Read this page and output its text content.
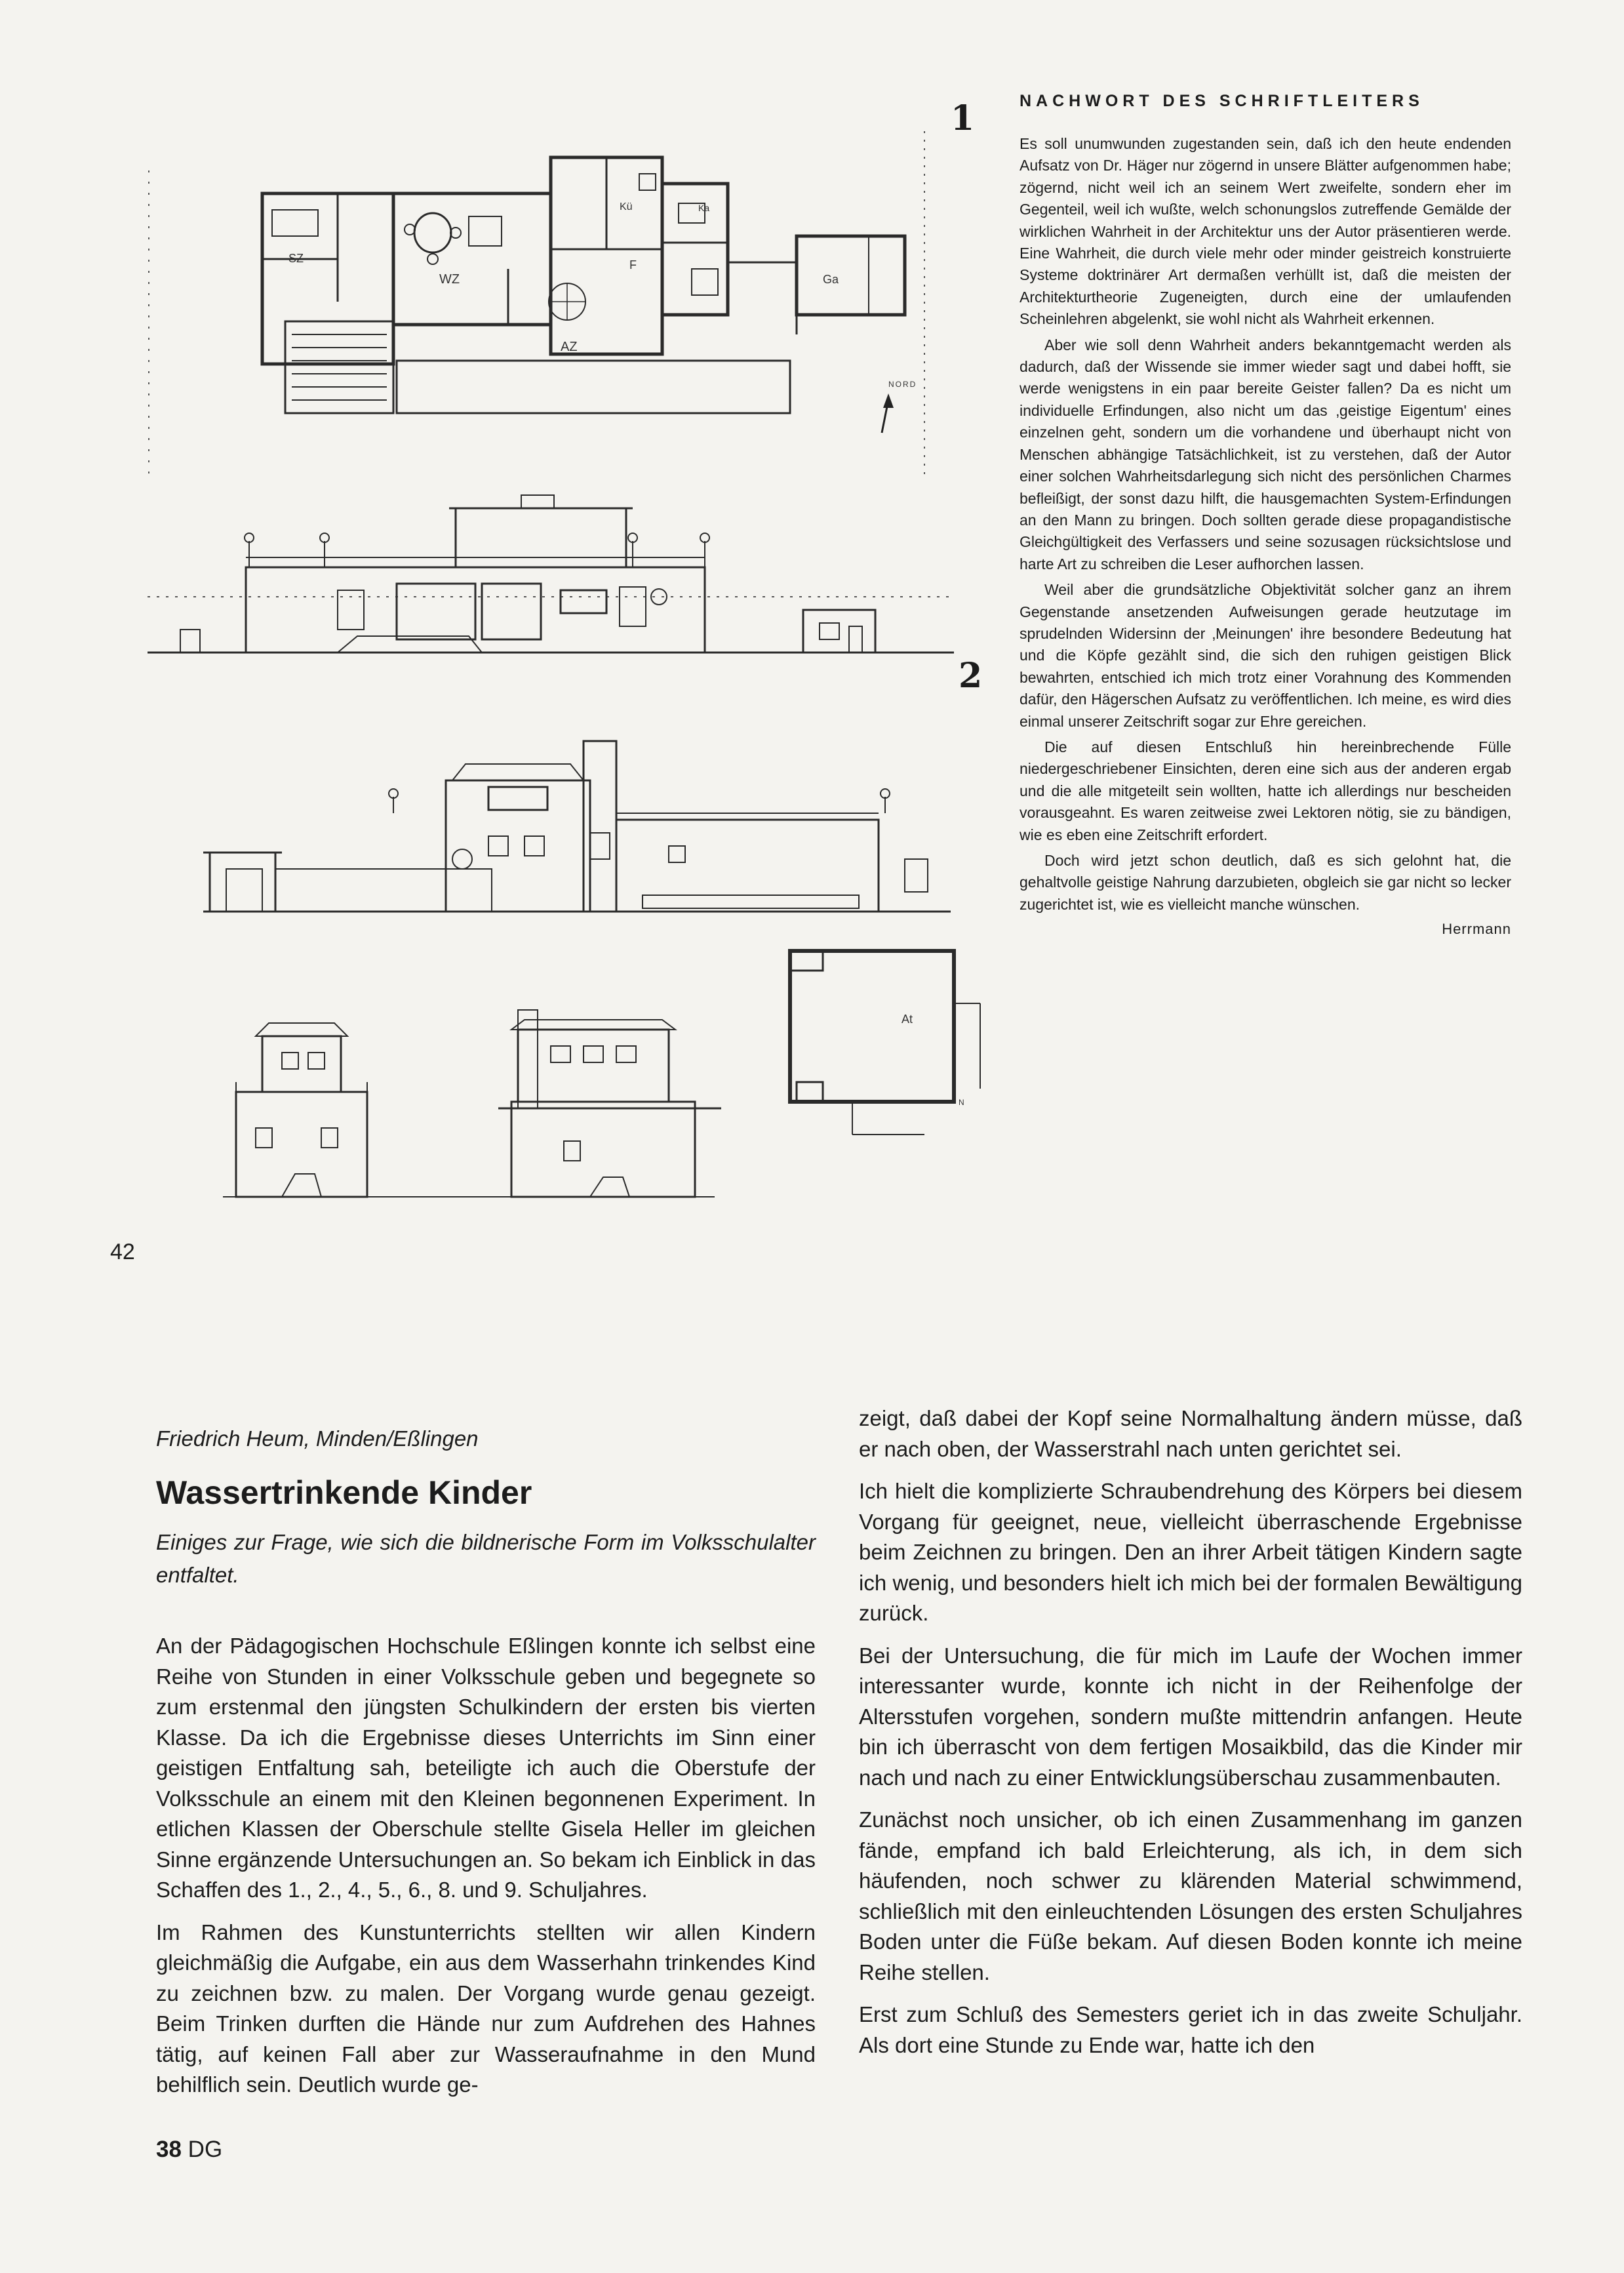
SZ
WZ
AZ
Kü	Ka
F
Ga
NORD
1
2
At
N
42
NACHWORT DES SCHRIFTLEITERS

Es soll unumwunden zugestanden sein, daß ich den heute endenden Aufsatz von Dr. Häger nur zögernd in unsere Blätter aufgenommen habe; zögernd, nicht weil ich an seinem Wert zweifelte, sondern eher im Gegenteil, weil ich wußte, welch schonungslos zutreffende Gemälde der wirklichen Wahrheit in der Architektur uns der Autor präsentieren werde. Eine Wahrheit, die durch viele mehr oder minder geistreich konstruierte Systeme doktrinärer Art dermaßen verhüllt ist, daß die meisten der Architekturtheorie Zugeneigten, durch eine der umlaufenden Scheinlehren abgelenkt, sie wohl nicht als Wahrheit erkennen.

Aber wie soll denn Wahrheit anders bekanntgemacht werden als dadurch, daß der Wissende sie immer wieder sagt und dabei hofft, sie werde wenigstens in ein paar bereite Geister fallen? Da es nicht um individuelle Erfindungen, also nicht um das ‚geistige Eigentum' eines einzelnen geht, sondern um die vorhandene und überhaupt nicht von Menschen abhängige Tatsächlichkeit, ist zu verstehen, daß der Autor einer solchen Wahrheitsdarlegung sich nicht des persönlichen Charmes befleißigt, der sonst dazu hilft, die hausgemachten System-Erfindungen an den Mann zu bringen. Doch sollten gerade diese propagandistische Gleichgültigkeit des Verfassers und seine sozusagen rücksichtslose und harte Art zu schreiben die Leser aufhorchen lassen.

Weil aber die grundsätzliche Objektivität solcher ganz an ihrem Gegenstande ansetzenden Aufweisungen gerade heutzutage im sprudelnden Widersinn der ‚Meinungen' ihre besondere Bedeutung hat und die Köpfe gezählt sind, die sich den ruhigen geistigen Blick bewahrten, entschied ich mich trotz einer Vorahnung des Kommenden dafür, den Hägerschen Aufsatz zu veröffentlichen. Ich meine, es wird dies einmal unserer Zeitschrift sogar zur Ehre gereichen.

Die auf diesen Entschluß hin hereinbrechende Fülle niedergeschriebener Einsichten, deren eine sich aus der anderen ergab und die alle mitgeteilt sein wollten, hatte ich allerdings nur bescheiden vorausgeahnt. Es waren zeitweise zwei Lektoren nötig, sie zu bändigen, wie es eben eine Zeitschrift erfordert.

Doch wird jetzt schon deutlich, daß es sich gelohnt hat, die gehaltvolle geistige Nahrung darzubieten, obgleich sie gar nicht so lecker zugerichtet ist, wie es vielleicht manche wünschen.

Herrmann
Friedrich Heum, Minden/Eßlingen
Wassertrinkende Kinder
Einiges zur Frage, wie sich die bildnerische Form im Volksschulalter entfaltet.

An der Pädagogischen Hochschule Eßlingen konnte ich selbst eine Reihe von Stunden in einer Volksschule geben und begegnete so zum erstenmal den jüngsten Schulkindern der ersten bis vierten Klasse. Da ich die Ergebnisse dieses Unterrichts im Sinn einer geistigen Entfaltung sah, beteiligte ich auch die Oberstufe der Volksschule an einem mit den Kleinen begonnenen Experiment. In etlichen Klassen der Oberschule stellte Gisela Heller im gleichen Sinne ergänzende Untersuchungen an. So bekam ich Einblick in das Schaffen des 1., 2., 4., 5., 6., 8. und 9. Schuljahres.

Im Rahmen des Kunstunterrichts stellten wir allen Kindern gleichmäßig die Aufgabe, ein aus dem Wasserhahn trinkendes Kind zu zeichnen bzw. zu malen. Der Vorgang wurde genau gezeigt. Beim Trinken durften die Hände nur zum Aufdrehen des Hahnes tätig, auf keinen Fall aber zur Wasseraufnahme in den Mund behilflich sein. Deutlich wurde ge-

zeigt, daß dabei der Kopf seine Normalhaltung ändern müsse, daß er nach oben, der Wasserstrahl nach unten gerichtet sei.

Ich hielt die komplizierte Schraubendrehung des Körpers bei diesem Vorgang für geeignet, neue, vielleicht überraschende Ergebnisse beim Zeichnen zu bringen. Den an ihrer Arbeit tätigen Kindern sagte ich wenig, und besonders hielt ich mich bei der formalen Bewältigung zurück.

Bei der Untersuchung, die für mich im Laufe der Wochen immer interessanter wurde, konnte ich nicht in der Reihenfolge der Altersstufen vorgehen, sondern mußte mittendrin anfangen. Heute bin ich überrascht von dem fertigen Mosaikbild, das die Kinder mir nach und nach zu einer Entwicklungsüberschau zusammenbauten.

Zunächst noch unsicher, ob ich einen Zusammenhang im ganzen fände, empfand ich bald Erleichterung, als ich, in dem sich häufenden, noch schwer zu klärenden Material schwimmend, schließlich mit den einleuchtenden Lösungen des ersten Schuljahres Boden unter die Füße bekam. Auf diesen Boden konnte ich meine Reihe stellen.

Erst zum Schluß des Semesters geriet ich in das zweite Schuljahr. Als dort eine Stunde zu Ende war, hatte ich den

38 DG
